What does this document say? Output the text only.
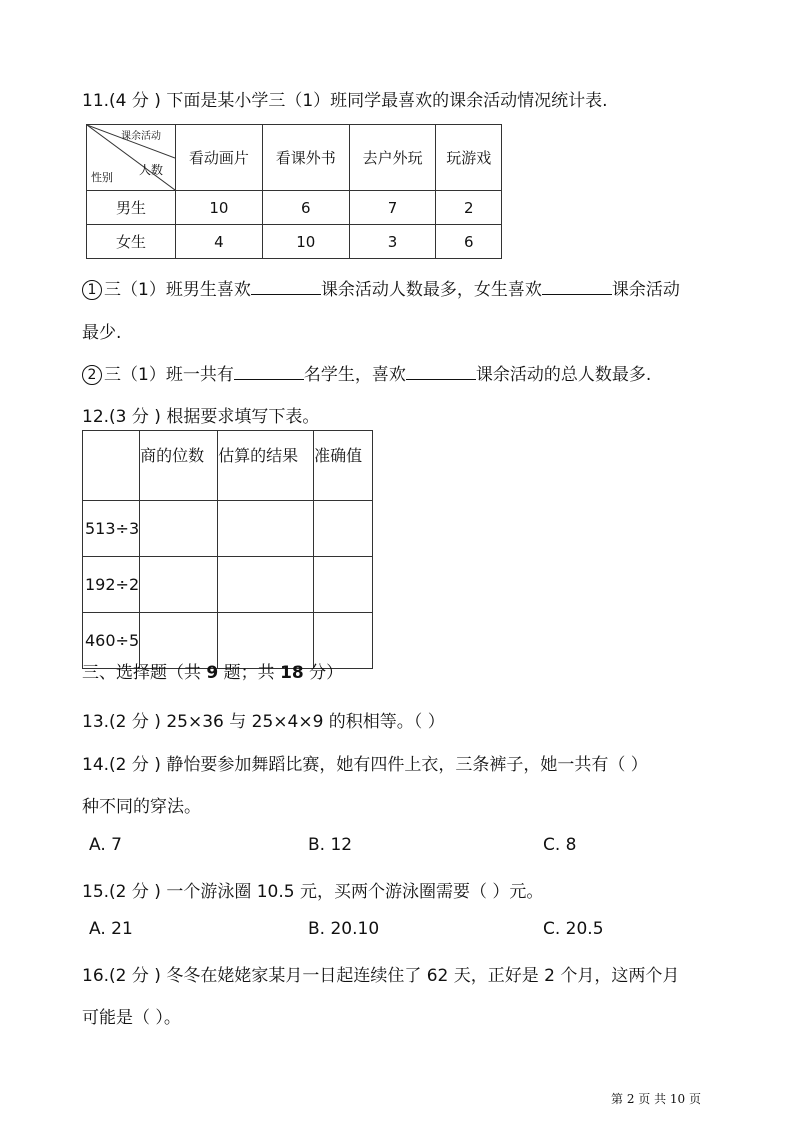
11.(4 分 ) 下面是某小学三（1）班同学最喜欢的课余活动情况统计表.
课余活动
人数
性别	看动画片	看课外书	去户外玩	玩游戏
男生	10	6	7	2
女生	4	10	3	6
1 三（1）班男生喜欢	课余活动人数最多，女生喜欢	课余活动
最少.
2 三（1）班一共有	名学生，喜欢	课余活动的总人数最多.
12.(3 分 ) 根据要求填写下表。
	商的位数	估算的结果	准确值
513÷3			
192÷2			
460÷5			
三、选择题（共 9 题；共 18 分）
13.(2 分 ) 25×36 与 25×4×9 的积相等。（ ）
14.(2 分 ) 静怡要参加舞蹈比赛，她有四件上衣，三条裤子，她一共有（ ）
种不同的穿法。
A. 7	B. 12	C. 8
15.(2 分 ) 一个游泳圈 10.5 元，买两个游泳圈需要（ ）元。
A. 21	B. 20.10	C. 20.5
16.(2 分 ) 冬冬在姥姥家某月一日起连续住了 62 天，正好是 2 个月，这两个月
可能是（ ）。
第 2 页 共 10 页
